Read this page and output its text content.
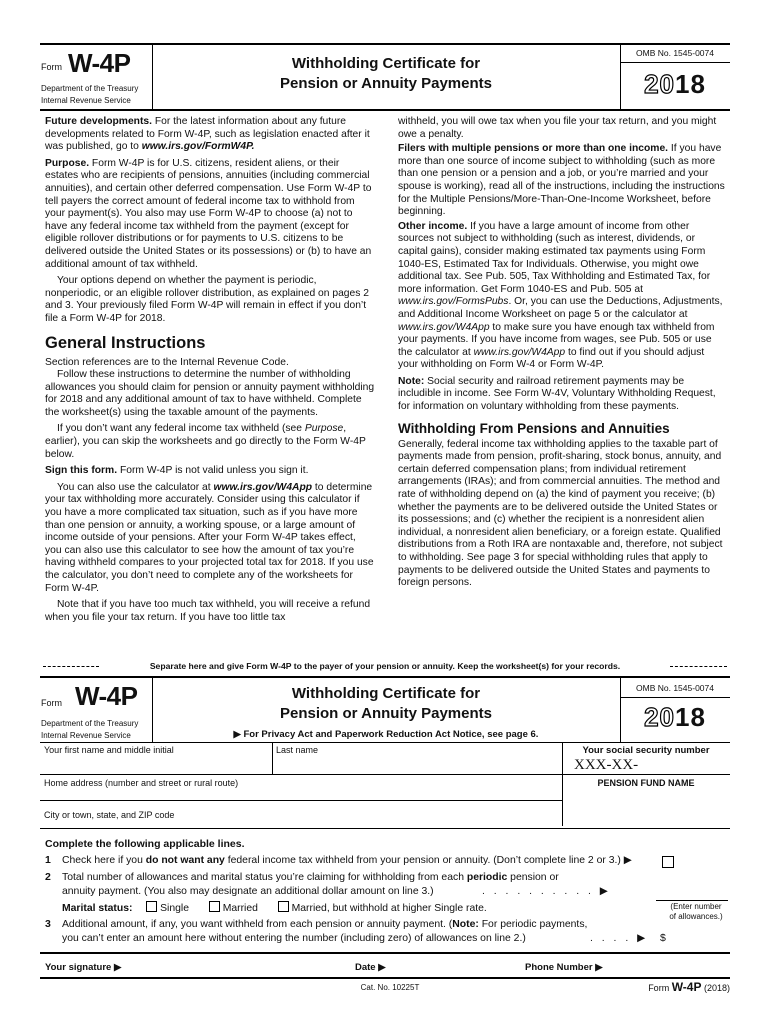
Form W-4P
Department of the Treasury
Internal Revenue Service
Withholding Certificate for
Pension or Annuity Payments
OMB No. 1545-0074
2018

Future developments. For the latest information about any future developments related to Form W-4P, such as legislation enacted after it was published, go to www.irs.gov/FormW4P.

Purpose. Form W-4P is for U.S. citizens, resident aliens, or their estates who are recipients of pensions, annuities (including commercial annuities), and certain other deferred compensation. Use Form W-4P to tell payers the correct amount of federal income tax to withhold from your payment(s). You also may use Form W-4P to choose (a) not to have any federal income tax withheld from the payment (except for eligible rollover distributions or for payments to U.S. citizens to be delivered outside the United States or its possessions) or (b) to have an additional amount of tax withheld.

Your options depend on whether the payment is periodic, nonperiodic, or an eligible rollover distribution, as explained on pages 2 and 3. Your previously filed Form W-4P will remain in effect if you don’t file a Form W-4P for 2018.

General Instructions

Section references are to the Internal Revenue Code.

Follow these instructions to determine the number of withholding allowances you should claim for pension or annuity payment withholding for 2018 and any additional amount of tax to have withheld. Complete the worksheet(s) using the taxable amount of the payments.

If you don’t want any federal income tax withheld (see Purpose, earlier), you can skip the worksheets and go directly to the Form W-4P below.

Sign this form. Form W-4P is not valid unless you sign it.

You can also use the calculator at www.irs.gov/W4App to determine your tax withholding more accurately. Consider using this calculator if you have a more complicated tax situation, such as if you have more than one pension or annuity, a working spouse, or a large amount of income outside of your pensions. After your Form W-4P takes effect, you can also use this calculator to see how the amount of tax you’re having withheld compares to your projected total tax for 2018. If you use the calculator, you don’t need to complete any of the worksheets for Form W-4P.

Note that if you have too much tax withheld, you will receive a refund when you file your tax return. If you have too little tax

withheld, you will owe tax when you file your tax return, and you might owe a penalty.

Filers with multiple pensions or more than one income. If you have more than one source of income subject to withholding (such as more than one pension or a pension and a job, or you’re married and your spouse is working), read all of the instructions, including the instructions for the Multiple Pensions/More-Than-One-Income Worksheet, before beginning.

Other income. If you have a large amount of income from other sources not subject to withholding (such as interest, dividends, or capital gains), consider making estimated tax payments using Form 1040-ES, Estimated Tax for Individuals. Otherwise, you might owe additional tax. See Pub. 505, Tax Withholding and Estimated Tax, for more information. Get Form 1040-ES and Pub. 505 at www.irs.gov/FormsPubs. Or, you can use the Deductions, Adjustments, and Additional Income Worksheet on page 5 or the calculator at www.irs.gov/W4App to make sure you have enough tax withheld from your payments. If you have income from wages, see Pub. 505 or use the calculator at www.irs.gov/W4App to find out if you should adjust your withholding on Form W-4 or Form W-4P.

Note: Social security and railroad retirement payments may be includible in income. See Form W-4V, Voluntary Withholding Request, for information on voluntary withholding from these payments.

Withholding From Pensions and Annuities

Generally, federal income tax withholding applies to the taxable part of payments made from pension, profit-sharing, stock bonus, annuity, and certain deferred compensation plans; from individual retirement arrangements (IRAs); and from commercial annuities. The method and rate of withholding depend on (a) the kind of payment you receive; (b) whether the payments are to be delivered outside the United States or its possessions; and (c) whether the recipient is a nonresident alien individual, a nonresident alien beneficiary, or a foreign estate. Qualified distributions from a Roth IRA are nontaxable and, therefore, not subject to withholding. See page 3 for special withholding rules that apply to payments to be delivered outside the United States and payments to foreign persons.

Separate here and give Form W-4P to the payer of your pension or annuity. Keep the worksheet(s) for your records.
Form W-4P
Department of the Treasury
Internal Revenue Service
Withholding Certificate for
Pension or Annuity Payments
▶ For Privacy Act and Paperwork Reduction Act Notice, see page 6.
OMB No. 1545-0074
2018
Your first name and middle initial	Last name	Your social security number
XXX-XX-
Home address (number and street or rural route)	PENSION FUND NAME
City or town, state, and ZIP code
Complete the following applicable lines.
1 Check here if you do not want any federal income tax withheld from your pension or annuity. (Don’t complete line 2 or 3.) ▶
2 Total number of allowances and marital status you’re claiming for withholding from each periodic pension or
annuity payment. (You also may designate an additional dollar amount on line 3.)	. . . . . . . . . . ▶
Marital status:	Single	Married	Married, but withhold at higher Single rate.	(Enter number
of allowances.)
3 Additional amount, if any, you want withheld from each pension or annuity payment. (Note: For periodic payments,
you can’t enter an amount here without entering the number (including zero) of allowances on line 2.)	. . . . ▶ $
Your signature ▶	Date ▶	Phone Number ▶
Cat. No. 10225T	Form W-4P (2018)
